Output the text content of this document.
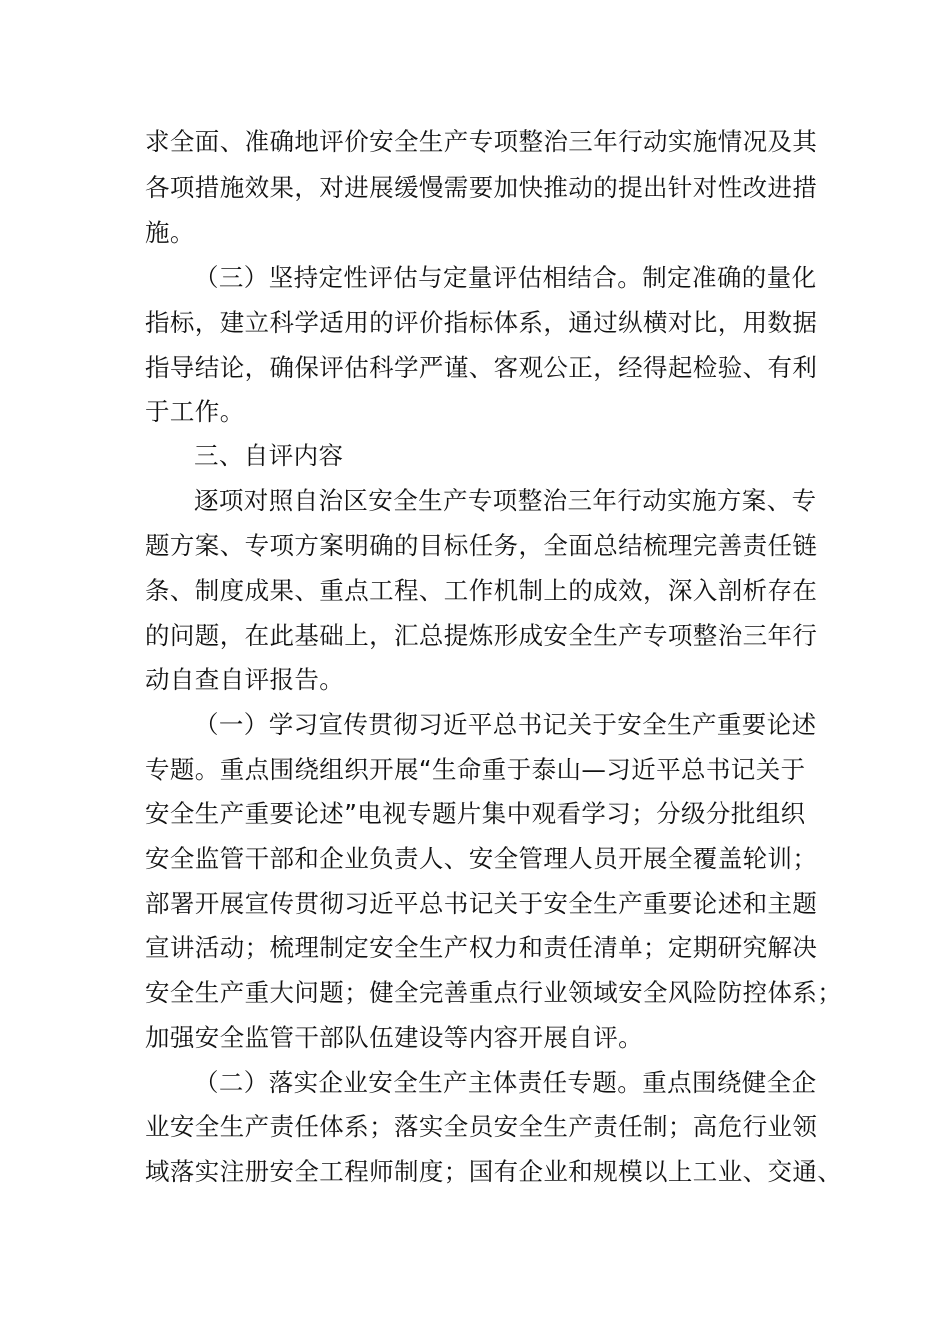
求全面、准确地评价安全生产专项整治三年行动实施情况及其
各项措施效果，对进展缓慢需要加快推动的提出针对性改进措
施。
（三）坚持定性评估与定量评估相结合。制定准确的量化
指标，建立科学适用的评价指标体系，通过纵横对比，用数据
指导结论，确保评估科学严谨、客观公正，经得起检验、有利
于工作。
三、自评内容
逐项对照自治区安全生产专项整治三年行动实施方案、专
题方案、专项方案明确的目标任务，全面总结梳理完善责任链
条、制度成果、重点工程、工作机制上的成效，深入剖析存在
的问题，在此基础上，汇总提炼形成安全生产专项整治三年行
动自查自评报告。
（一）学习宣传贯彻习近平总书记关于安全生产重要论述
专题。重点围绕组织开展“生命重于泰山—习近平总书记关于
安全生产重要论述”电视专题片集中观看学习；分级分批组织
安全监管干部和企业负责人、安全管理人员开展全覆盖轮训；
部署开展宣传贯彻习近平总书记关于安全生产重要论述和主题
宣讲活动；梳理制定安全生产权力和责任清单；定期研究解决
安全生产重大问题；健全完善重点行业领域安全风险防控体系；
加强安全监管干部队伍建设等内容开展自评。
（二）落实企业安全生产主体责任专题。重点围绕健全企
业安全生产责任体系；落实全员安全生产责任制；高危行业领
域落实注册安全工程师制度；国有企业和规模以上工业、交通、
